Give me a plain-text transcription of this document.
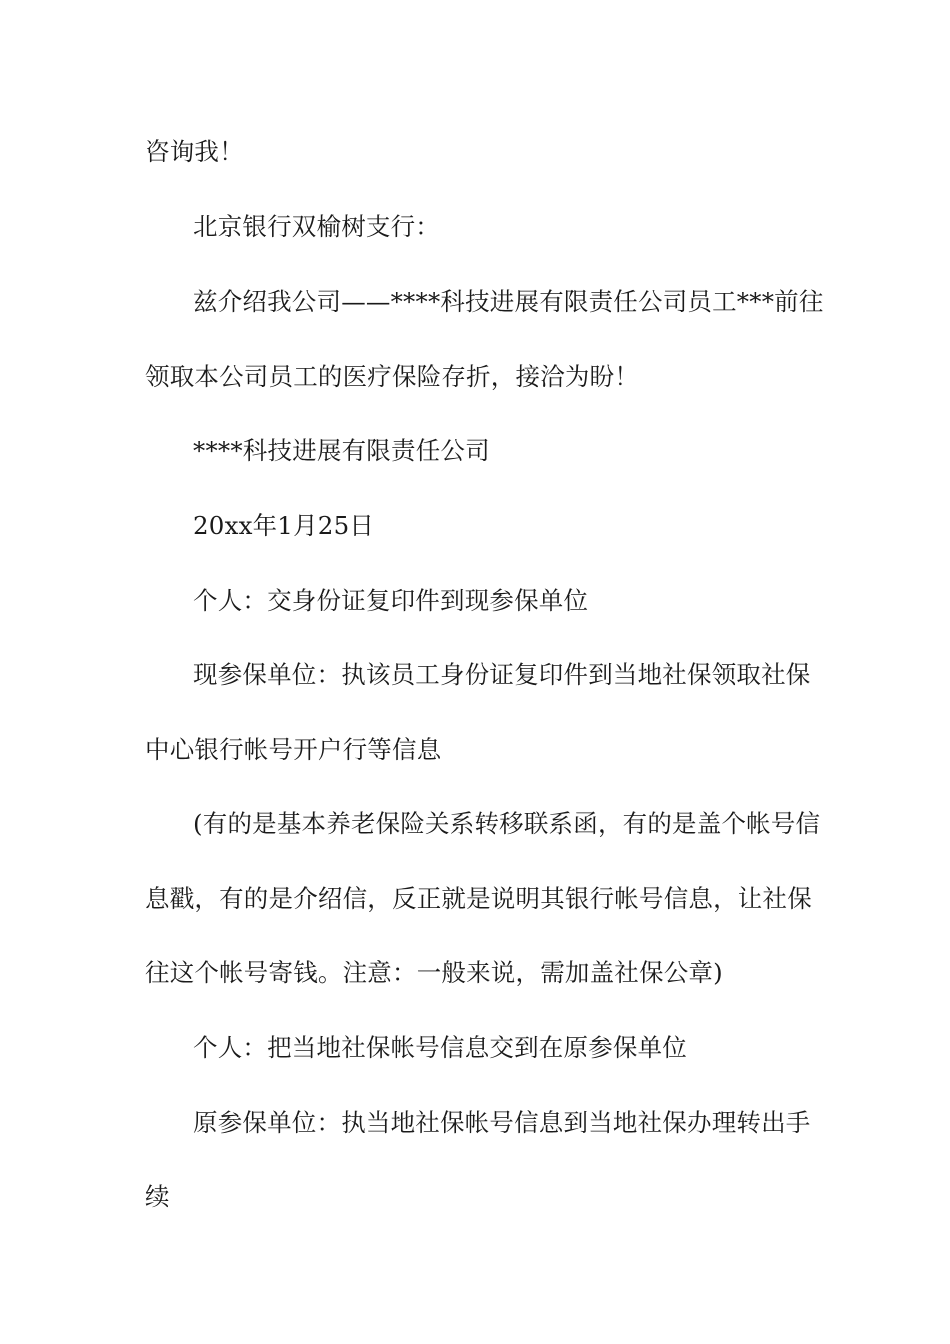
咨询我！
北京银行双榆树支行：
兹介绍我公司——****科技进展有限责任公司员工***前往
领取本公司员工的医疗保险存折，接洽为盼！
****科技进展有限责任公司
20xx年1月25日
个人：交身份证复印件到现参保单位
现参保单位：执该员工身份证复印件到当地社保领取社保
中心银行帐号开户行等信息
(有的是基本养老保险关系转移联系函，有的是盖个帐号信
息戳，有的是介绍信，反正就是说明其银行帐号信息，让社保
往这个帐号寄钱。注意：一般来说，需加盖社保公章)
个人：把当地社保帐号信息交到在原参保单位
原参保单位：执当地社保帐号信息到当地社保办理转出手
续
